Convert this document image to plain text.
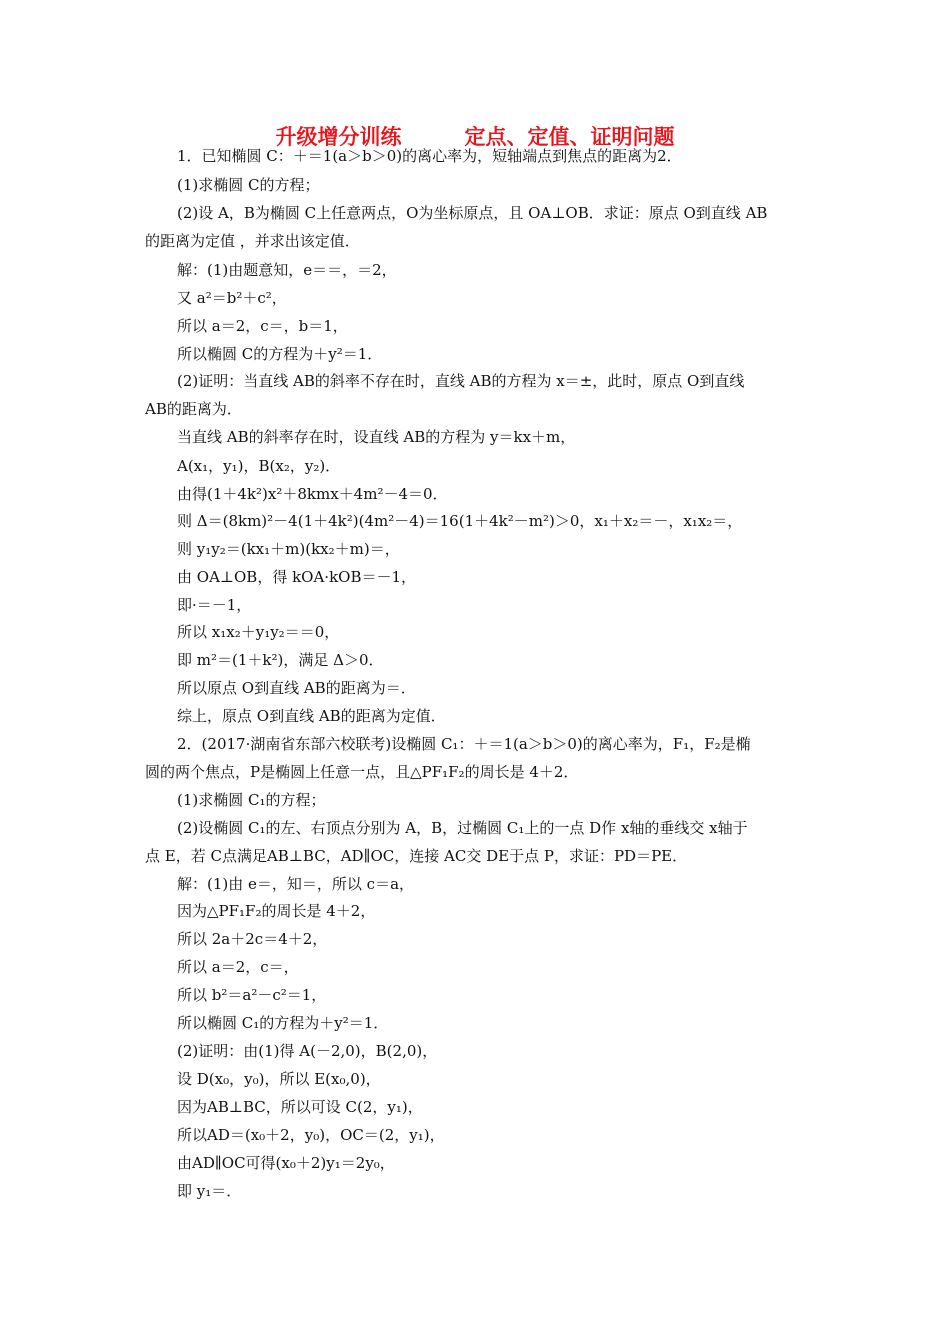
升级增分训练　　　定点、定值、证明问题
1．已知椭圆 C：＋＝1(a＞b＞0)的离心率为，短轴端点到焦点的距离为2．
(1)求椭圆 C的方程；
(2)设 A，B为椭圆 C上任意两点，O为坐标原点，且 OA⊥OB．求证：原点 O到直线 AB
的距离为定值 ，并求出该定值．
解：(1)由题意知，e＝＝，＝2，
又 a²＝b²＋c²，
所以 a＝2，c＝，b＝1，
所以椭圆 C的方程为＋y²＝1．
(2)证明：当直线 AB的斜率不存在时，直线 AB的方程为 x＝±，此时，原点 O到直线
AB的距离为．
当直线 AB的斜率存在时，设直线 AB的方程为 y＝kx＋m，
A(x₁，y₁)，B(x₂，y₂)．
由得(1＋4k²)x²＋8kmx＋4m²－4＝0．
则 Δ＝(8km)²－4(1＋4k²)(4m²－4)＝16(1＋4k²－m²)＞0，x₁＋x₂＝－，x₁x₂＝，
则 y₁y₂＝(kx₁＋m)(kx₂＋m)＝，
由 OA⊥OB，得 kOA·kOB＝－1，
即·＝－1，
所以 x₁x₂＋y₁y₂＝＝0，
即 m²＝(1＋k²)，满足 Δ＞0．
所以原点 O到直线 AB的距离为＝．
综上，原点 O到直线 AB的距离为定值．
2．(2017·湖南省东部六校联考)设椭圆 C₁：＋＝1(a＞b＞0)的离心率为，F₁，F₂是椭
圆的两个焦点，P是椭圆上任意一点，且△PF₁F₂的周长是 4＋2．
(1)求椭圆 C₁的方程；
(2)设椭圆 C₁的左、右顶点分别为 A，B，过椭圆 C₁上的一点 D作 x轴的垂线交 x轴于
点 E，若 C点满足AB⊥BC，AD∥OC，连接 AC交 DE于点 P，求证：PD＝PE．
解：(1)由 e＝，知＝，所以 c＝a，
因为△PF₁F₂的周长是 4＋2，
所以 2a＋2c＝4＋2，
所以 a＝2，c＝，
所以 b²＝a²－c²＝1，
所以椭圆 C₁的方程为＋y²＝1．
(2)证明：由(1)得 A(－2,0)，B(2,0)，
设 D(x₀，y₀)，所以 E(x₀,0)，
因为AB⊥BC，所以可设 C(2，y₁)，
所以AD＝(x₀＋2，y₀)，OC＝(2，y₁)，
由AD∥OC可得(x₀＋2)y₁＝2y₀，
即 y₁＝．
